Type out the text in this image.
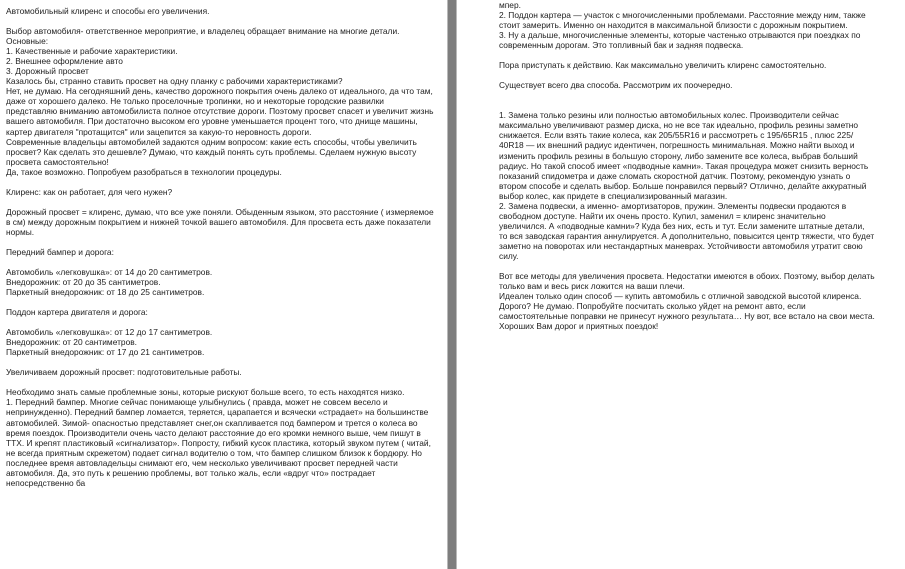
Автомобильный клиренс и способы его увеличения.
Выбор автомобиля- ответственное мероприятие, и владелец обращает внимание на многие детали.
Основные:
1. Качественные и рабочие характеристики.
2. Внешнее оформление авто
3. Дорожный просвет
Казалось бы, странно ставить просвет на одну планку с рабочими характеристиками?
Нет, не думаю. На сегодняшний день, качество дорожного покрытия очень далеко от идеального, да что там, даже от хорошего далеко. Не только проселочные тропинки, но и некоторые городские развилки представляю вниманию автомобилиста полное отсутствие дороги. Поэтому просвет спасет и увеличит жизнь вашего автомобиля. При достаточно высоком его уровне уменьшается процент того, что днище машины, картер двигателя "протащится" или зацепится за какую-то неровность дороги.
Современные владельцы автомобилей задаются одним вопросом: какие есть способы, чтобы увеличить просвет? Как сделать это дешевле? Думаю, что каждый понять суть проблемы. Сделаем нужную высоту просвета самостоятельно!
Да, такое возможно. Попробуем разобраться в технологии процедуры.
Клиренс: как он работает, для чего нужен?
Дорожный просвет = клиренс, думаю, что все уже поняли. Обыденным языком, это расстояние ( измеряемое в см) между дорожным покрытием и нижней точкой вашего автомобиля. Для просвета есть даже показатели нормы.
Передний бампер и дорога:
Автомобиль «легковушка»: от 14 до 20 сантиметров.
Внедорожник: от 20 до 35 сантиметров.
Паркетный внедорожник: от 18 до 25 сантиметров.
Поддон картера двигателя и дорога:
Автомобиль «легковушка»: от 12 до 17 сантиметров.
Внедорожник: от 20 сантиметров.
Паркетный внедорожник: от 17 до 21 сантиметров.
Увеличиваем дорожный просвет: подготовительные работы.
Необходимо знать самые проблемные зоны, которые рискуют больше всего, то есть находятся низко.
1. Передний бампер. Многие сейчас понимающе улыбнулись ( правда, может не совсем весело и непринужденно). Передний бампер ломается, теряется, царапается и всячески «страдает» на большинстве автомобилей. Зимой- опасностью представляет снег,он скапливается под бампером и трется о колеса во время поездок. Производители очень часто делают расстояние до его кромки немного выше, чем пишут в ТТХ. И крепят пластиковый «сигнализатор». Попросту, гибкий кусок пластика, который звуком путем ( читай, не всегда приятным скрежетом) подает сигнал водителю о том, что бампер слишком близок к бордюру. Но последнее время автовладельцы снимают его, чем несколько увеличивают просвет передней части автомобиля. Да, это путь к решению проблемы, вот только жаль, если «вдруг что» пострадает непосредственно ба
мпер.
2. Поддон картера — участок с многочисленными проблемами. Расстояние между ним, также стоит замерить. Именно он находится в максимальной близости с дорожным покрытием.
3. Ну а дальше, многочисленные элементы, которые частенько отрываются при поездках по современным дорогам. Это топливный бак и задняя подвеска.
Пора приступать к действию. Как максимально увеличить клиренс самостоятельно.
Существует всего два способа. Рассмотрим их поочередно.
1. Замена только резины или полностью автомобильных колес. Производители сейчас максимально увеличивают размер диска, но не все так идеально, профиль резины заметно снижается. Если взять такие колеса, как 205/55R16 и рассмотреть с 195/65R15 , плюс 225/ 40R18 — их внешний радиус идентичен, погрешность минимальная. Можно найти выход и изменить профиль резины в большую сторону, либо замените все колеса, выбрав больший радиус. Но такой способ имеет «подводные камни». Такая процедура может снизить верность показаний спидометра и даже сломать скоростной датчик. Поэтому, рекомендую узнать о втором способе и сделать выбор. Больше понравился первый? Отлично, делайте аккуратный выбор колес, как придете в специализированный магазин.
2. Замена подвески, а именно- амортизаторов, пружин. Элементы подвески продаются в свободном доступе. Найти их очень просто. Купил, заменил = клиренс значительно увеличился. А «подводные камни»? Куда без них, есть и тут. Если замените штатные детали, то вся заводская гарантия аннулируется. А дополнительно, повысится центр тяжести, что будет заметно на поворотах или нестандартных маневрах. Устойчивости автомобиля утратит свою силу.
Вот все методы для увеличения просвета. Недостатки имеются в обоих. Поэтому, выбор делать только вам и весь риск ложится на ваши плечи.
Идеален только один способ — купить автомобиль с отличной заводской высотой клиренса. Дорого? Не думаю. Попробуйте посчитать сколько уйдет на ремонт авто, если самостоятельные поправки не принесут нужного результата… Ну вот, все встало на свои места.
Хороших Вам дорог и приятных поездок!
